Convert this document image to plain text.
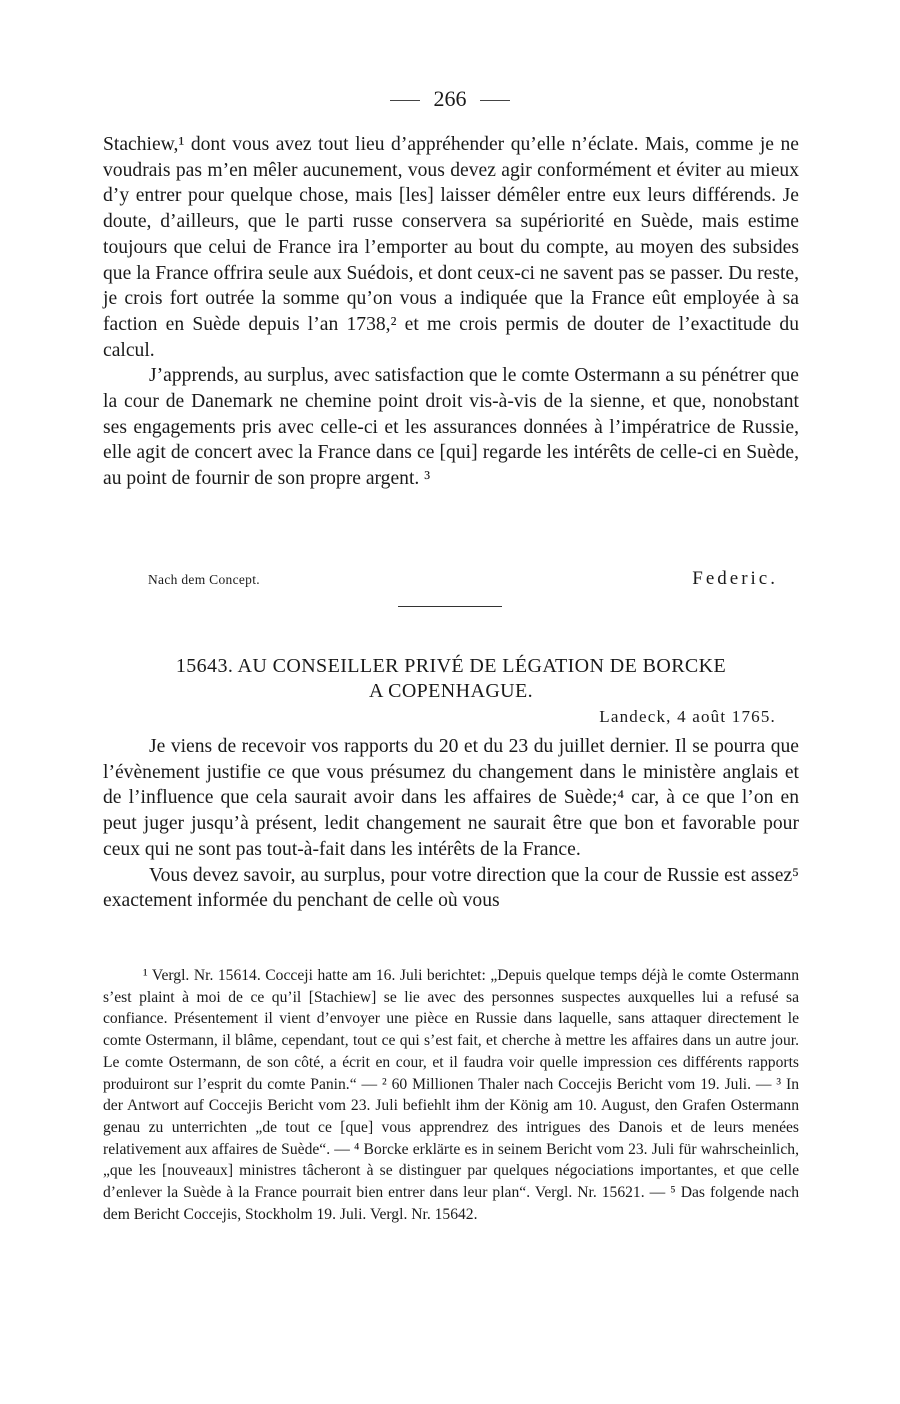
266

Stachiew,¹ dont vous avez tout lieu d’appréhender qu’elle n’éclate. Mais, comme je ne voudrais pas m’en mêler aucunement, vous devez agir conformément et éviter au mieux d’y entrer pour quelque chose, mais [les] laisser démêler entre eux leurs différends. Je doute, d’ailleurs, que le parti russe conservera sa supériorité en Suède, mais estime toujours que celui de France ira l’emporter au bout du compte, au moyen des subsides que la France offrira seule aux Suédois, et dont ceux-ci ne savent pas se passer. Du reste, je crois fort outrée la somme qu’on vous a indiquée que la France eût employée à sa faction en Suède depuis l’an 1738,² et me crois permis de douter de l’exactitude du calcul.

J’apprends, au surplus, avec satisfaction que le comte Ostermann a su pénétrer que la cour de Danemark ne chemine point droit vis-à-vis de la sienne, et que, nonobstant ses engagements pris avec celle-ci et les assurances données à l’impératrice de Russie, elle agit de concert avec la France dans ce [qui] regarde les intérêts de celle-ci en Suède, au point de fournir de son propre argent. ³

Nach dem Concept.	Federic.
15643. AU CONSEILLER PRIVÉ DE LÉGATION DE BORCKE
A COPENHAGUE.
Landeck, 4 août 1765.

Je viens de recevoir vos rapports du 20 et du 23 du juillet dernier. Il se pourra que l’évènement justifie ce que vous présumez du changement dans le ministère anglais et de l’influence que cela saurait avoir dans les affaires de Suède;⁴ car, à ce que l’on en peut juger jusqu’à présent, ledit changement ne saurait être que bon et favorable pour ceux qui ne sont pas tout-à-fait dans les intérêts de la France.

Vous devez savoir, au surplus, pour votre direction que la cour de Russie est assez⁵ exactement informée du penchant de celle où vous

¹ Vergl. Nr. 15614. Cocceji hatte am 16. Juli berichtet: „Depuis quelque temps déjà le comte Ostermann s’est plaint à moi de ce qu’il [Stachiew] se lie avec des personnes suspectes auxquelles lui a refusé sa confiance. Présentement il vient d’envoyer une pièce en Russie dans laquelle, sans attaquer directement le comte Ostermann, il blâme, cependant, tout ce qui s’est fait, et cherche à mettre les affaires dans un autre jour. Le comte Ostermann, de son côté, a écrit en cour, et il faudra voir quelle impression ces différents rapports produiront sur l’esprit du comte Panin.“ — ² 60 Millionen Thaler nach Coccejis Bericht vom 19. Juli. — ³ In der Antwort auf Coccejis Bericht vom 23. Juli befiehlt ihm der König am 10. August, den Grafen Ostermann genau zu unterrichten „de tout ce [que] vous apprendrez des intrigues des Danois et de leurs menées relativement aux affaires de Suède“. — ⁴ Borcke erklärte es in seinem Bericht vom 23. Juli für wahrscheinlich, „que les [nouveaux] ministres tâcheront à se distinguer par quelques négociations importantes, et que celle d’enlever la Suède à la France pourrait bien entrer dans leur plan“. Vergl. Nr. 15621. — ⁵ Das folgende nach dem Bericht Coccejis, Stockholm 19. Juli. Vergl. Nr. 15642.
